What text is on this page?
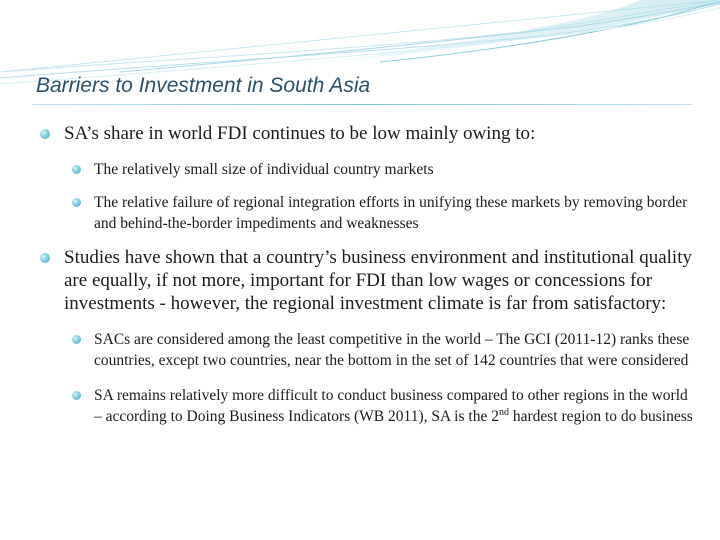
Barriers to Investment in South Asia
SA’s share in world FDI continues to be low mainly owing to:
The relatively small size of individual country markets
The relative failure of regional integration efforts in unifying these markets by removing border and behind-the-border impediments and weaknesses
Studies have shown that a country’s business environment and institutional quality are equally, if not more, important for FDI than low wages or concessions for investments - however, the regional investment climate is far from satisfactory:
SACs are considered among the least competitive in the world – The GCI (2011-12) ranks these countries, except two countries, near the bottom in the set of 142 countries that were considered
SA remains relatively more difficult to conduct business compared to other regions in the world – according to Doing Business Indicators (WB 2011), SA is the 2nd hardest region to do business
